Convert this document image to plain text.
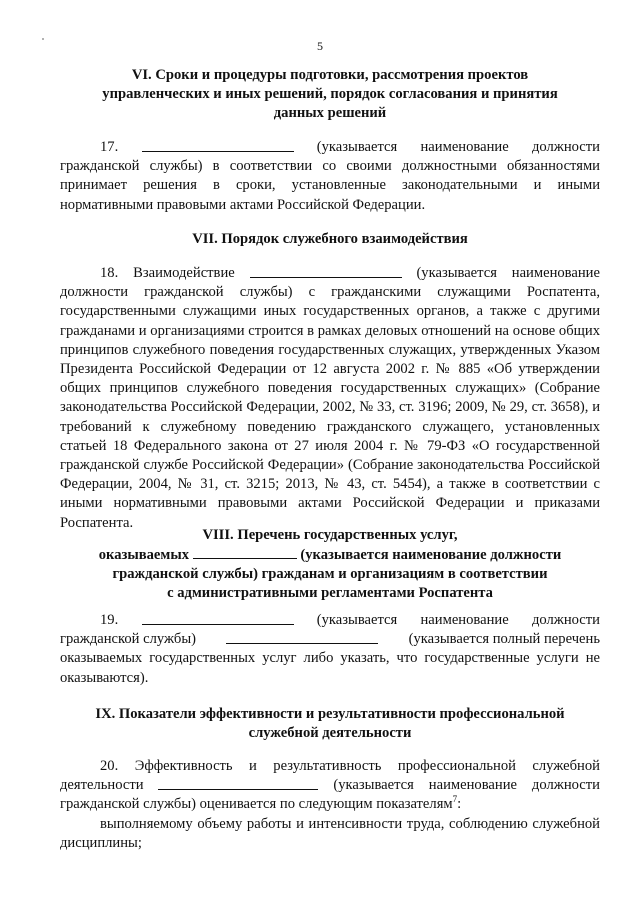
5
VI. Сроки и процедуры подготовки, рассмотрения проектов
управленческих и иных решений, порядок согласования и принятия
данных решений
17.	(указывается наименование должности
гражданской службы) в соответствии со своими должностными обязанностями принимает решения в сроки, установленные законодательными и иными нормативными правовыми актами Российской Федерации.
VII. Порядок служебного взаимодействия
18. Взаимодействие	(указывается наименование
должности гражданской службы) с гражданскими служащими Роспатента, государственными служащими иных государственных органов, а также с другими гражданами и организациями строится в рамках деловых отношений на основе общих принципов служебного поведения государственных служащих, утвержденных Указом Президента Российской Федерации от 12 августа 2002 г. № 885 «Об утверждении общих принципов служебного поведения государственных служащих» (Собрание законодательства Российской Федерации, 2002, № 33, ст. 3196; 2009, № 29, ст. 3658), и требований к служебному поведению гражданского служащего, установленных статьей 18 Федерального закона от 27 июля 2004 г. № 79-ФЗ «О государственной гражданской службе Российской Федерации» (Собрание законодательства Российской Федерации, 2004, № 31, ст. 3215; 2013, № 43, ст. 5454), а также в соответствии с иными нормативными правовыми актами Российской Федерации и приказами Роспатента.
VIII. Перечень государственных услуг,
оказываемых	(указывается наименование должности
гражданской службы) гражданам и организациям в соответствии
с административными регламентами Роспатента
19.	(указывается наименование должности
гражданской службы)	(указывается полный перечень
оказываемых государственных услуг либо указать, что государственные услуги не оказываются).
IX. Показатели эффективности и результативности профессиональной
служебной деятельности
20. Эффективность и результативность профессиональной служебной
деятельности	(указывается наименование должности
гражданской службы) оценивается по следующим показателям$^7$:
выполняемому объему работы и интенсивности труда, соблюдению служебной дисциплины;
